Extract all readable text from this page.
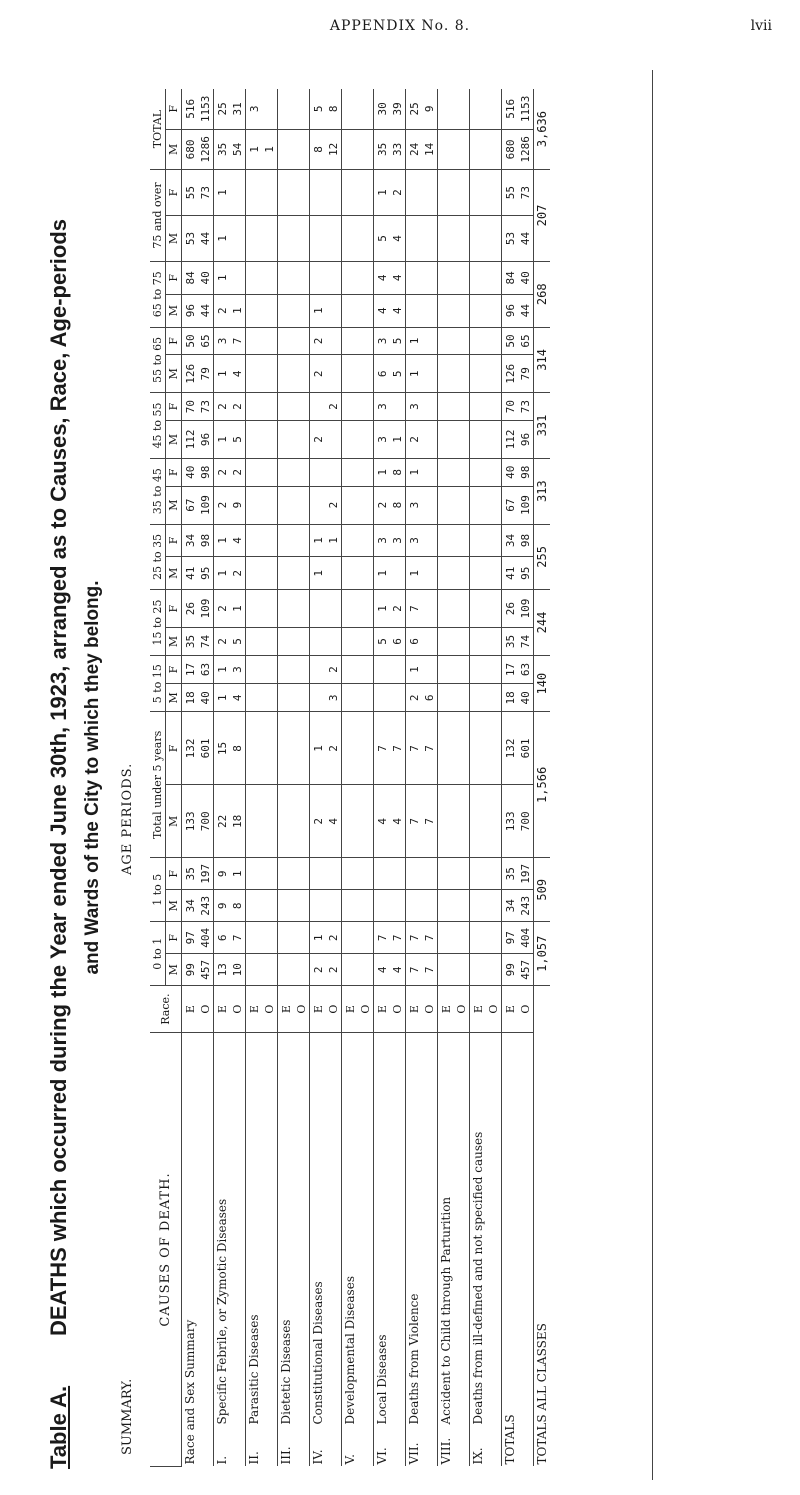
APPENDIX No. 8.	lvii
Table A.
DEATHS which occurred during the Year ended June 30th, 1923, arranged as to Causes, Race, Age-periods and Wards of the City to which they belong.
SUMMARY.
AGE PERIODS.
CAUSES OF DEATH.	Race.	0 to 1		1 to 5		Total under 5 years		5 to 15		15 to 25		25 to 35		35 to 45		45 to 55		55 to 65		65 to 75		75 and over		TOTAL	
		M	F	M	F	M	F	M	F	M	F	M	F	M	F	M	F	M	F	M	F	M	F	M	F
Race and Sex Summary	E	99	97	34	35	133	132	18	17	35	26	41	34	67	40	112	70	126	50	96	84	53	55	680	516
	O	457	404	243	197	700	601	40	63	74	109	95	98	109	98	96	73	79	65	44	40	44	73	1286	1153
I.Specific Febrile, or Zymotic Diseases	E	13	6	9	9	22	15	1	1	2	2	1	1	2	2	1	2	1	3	2	1	1	1	35	25
	O	10	7	8	1	18	8	4	3	5	1	2	4	9	2	5	2	4	7	1				54	31
II.Parasitic Diseases	E																							1	3
	O																							1	
III.Dietetic Diseases	E																								
	O																								
IV.Constitutional Diseases	E	2	1			2	1					1	1			2		2	2	1				8	5
	O	2	2			4	2	3	2				1	2			2							12	8
V.Developmental Diseases	E																								
	O																								
VI.Local Diseases	E	4	7			4	7			5	1	1	3	2	1	3	3	6	3	4	4	5	1	35	30
	O	4	7			4	7			6	2		3	8	8	1		5	5	4	4	4	2	33	39
VII.Deaths from Violence	E	7	7			7	7	2	1	6	7	1	3	3	1	2	3	1	1					24	25
	O	7	7			7	7	6																14	9
VIII.Accident to Child through Parturition	E																								
	O																								
IX.Deaths from ill-defined and not specified causes	E																								
	O																								
TOTALS	E	99	97	34	35	133	132	18	17	35	26	41	34	67	40	112	70	126	50	96	84	53	55	680	516
	O	457	404	243	197	700	601	40	63	74	109	95	98	109	98	96	73	79	65	44	40	44	73	1286	1153
TOTALS ALL CLASSES		1,057		509		1,566		140		244		255		313		331		314		268		207		3,636	
